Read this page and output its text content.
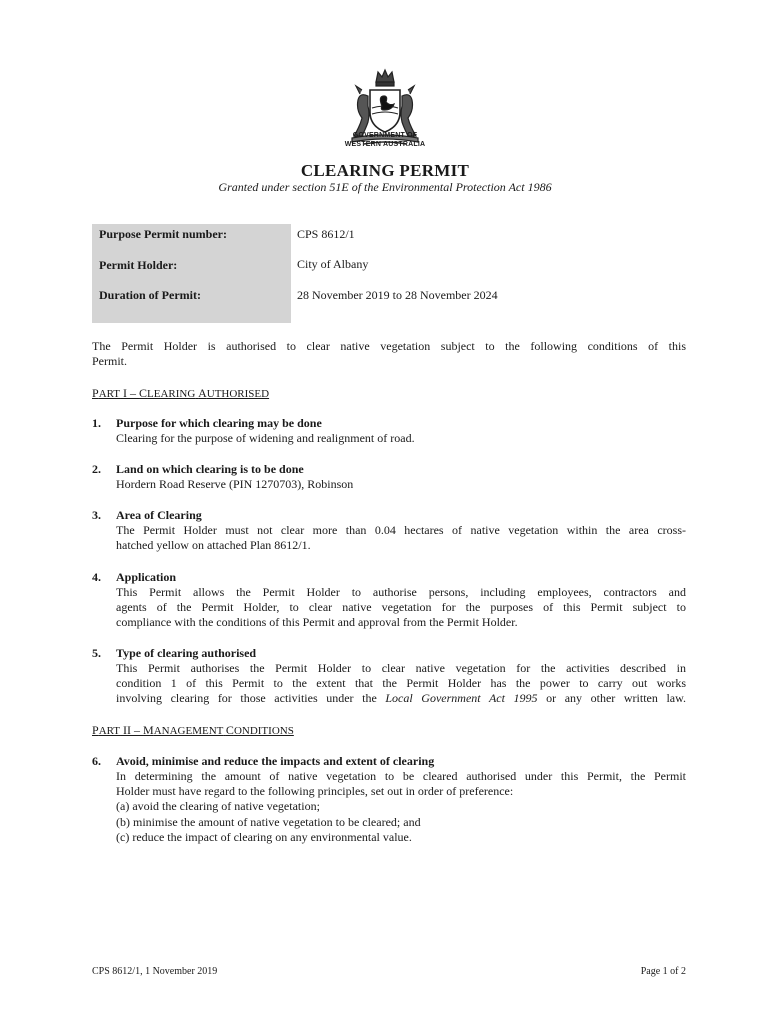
GOVERNMENT OF
WESTERN AUSTRALIA
CLEARING PERMIT
Granted under section 51E of the Environmental Protection Act 1986
Purpose Permit number:	CPS 8612/1
Permit Holder:	City of Albany
Duration of Permit:	28 November 2019 to 28 November 2024
The Permit Holder is authorised to clear native vegetation subject to the following conditions of this
Permit.
PART I – CLEARING AUTHORISED
1. Purpose for which clearing may be done
Clearing for the purpose of widening and realignment of road.
2. Land on which clearing is to be done
Hordern Road Reserve (PIN 1270703), Robinson
3. Area of Clearing
The Permit Holder must not clear more than 0.04 hectares of native vegetation within the area cross-
hatched yellow on attached Plan 8612/1.
4. Application
This Permit allows the Permit Holder to authorise persons, including employees, contractors and
agents of the Permit Holder, to clear native vegetation for the purposes of this Permit subject to
compliance with the conditions of this Permit and approval from the Permit Holder.
5. Type of clearing authorised
This Permit authorises the Permit Holder to clear native vegetation for the activities described in
condition 1 of this Permit to the extent that the Permit Holder has the power to carry out works
involving clearing for those activities under the Local Government Act 1995 or any other written law.
PART II – MANAGEMENT CONDITIONS
6. Avoid, minimise and reduce the impacts and extent of clearing
In determining the amount of native vegetation to be cleared authorised under this Permit, the Permit
Holder must have regard to the following principles, set out in order of preference:
(a) avoid the clearing of native vegetation;
(b) minimise the amount of native vegetation to be cleared; and
(c) reduce the impact of clearing on any environmental value.
CPS 8612/1, 1 November 2019	Page 1 of 2
